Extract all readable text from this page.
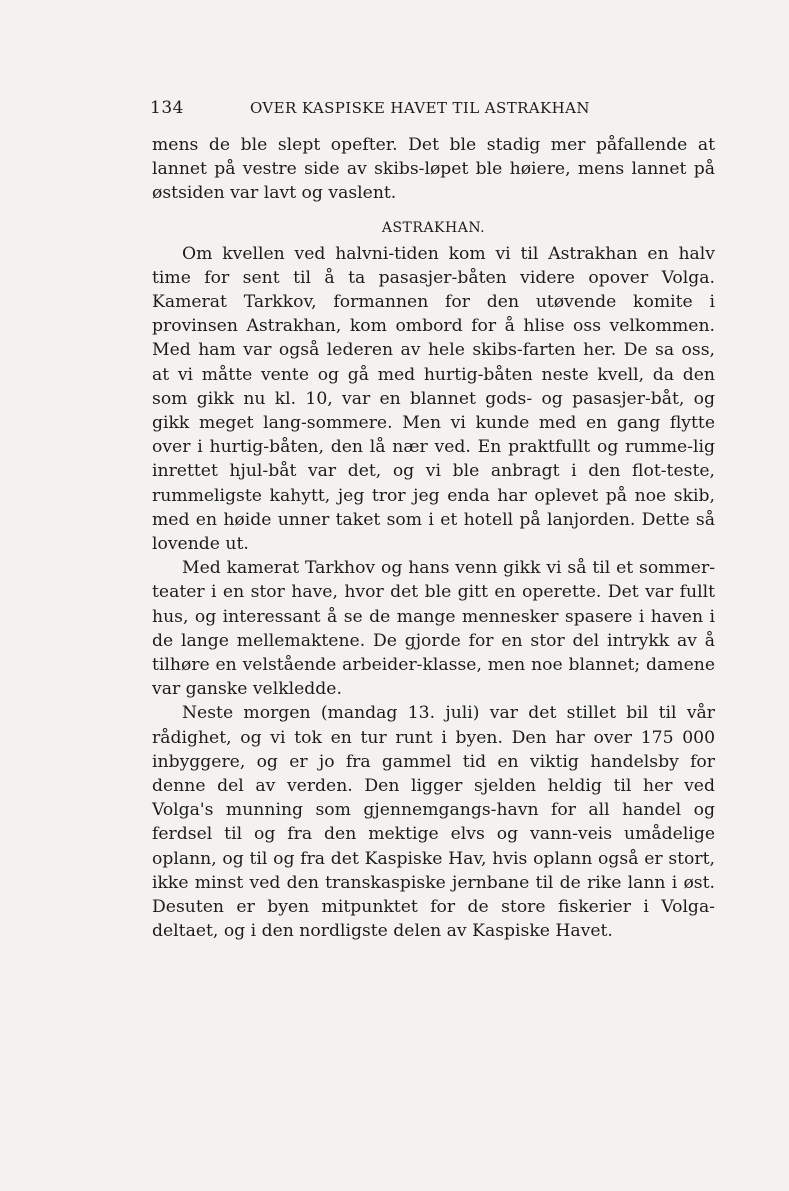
134	OVER KASPISKE HAVET TIL ASTRAKHAN

mens de ble slept opefter. Det ble stadig mer påfallende at lannet på vestre side av skibs-løpet ble høiere, mens lannet på østsiden var lavt og vaslent.

ASTRAKHAN.

Om kvellen ved halvni-tiden kom vi til Astrakhan en halv time for sent til å ta pasasjer-båten videre opover Volga. Kamerat Tarkkov, formannen for den utøvende komite i provinsen Astrakhan, kom ombord for å hlise oss velkommen. Med ham var også lederen av hele skibs-farten her. De sa oss, at vi måtte vente og gå med hurtig-båten neste kvell, da den som gikk nu kl. 10, var en blannet gods- og pasasjer-båt, og gikk meget lang-sommere. Men vi kunde med en gang flytte over i hurtig-båten, den lå nær ved. En praktfullt og rumme-lig inrettet hjul-båt var det, og vi ble anbragt i den flot-teste, rummeligste kahytt, jeg tror jeg enda har oplevet på noe skib, med en høide unner taket som i et hotell på lanjorden. Dette så lovende ut.

Med kamerat Tarkhov og hans venn gikk vi så til et sommer-teater i en stor have, hvor det ble gitt en operette. Det var fullt hus, og interessant å se de mange mennesker spasere i haven i de lange mellemaktene. De gjorde for en stor del intrykk av å tilhøre en velstående arbeider-klasse, men noe blannet; damene var ganske velkledde.

Neste morgen (mandag 13. juli) var det stillet bil til vår rådighet, og vi tok en tur runt i byen. Den har over 175 000 inbyggere, og er jo fra gammel tid en viktig handelsby for denne del av verden. Den ligger sjelden heldig til her ved Volga's munning som gjennemgangs-havn for all handel og ferdsel til og fra den mektige elvs og vann-veis umådelige oplann, og til og fra det Kaspiske Hav, hvis oplann også er stort, ikke minst ved den transkaspiske jernbane til de rike lann i øst. Desuten er byen mitpunktet for de store fiskerier i Volga-deltaet, og i den nordligste delen av Kaspiske Havet.
